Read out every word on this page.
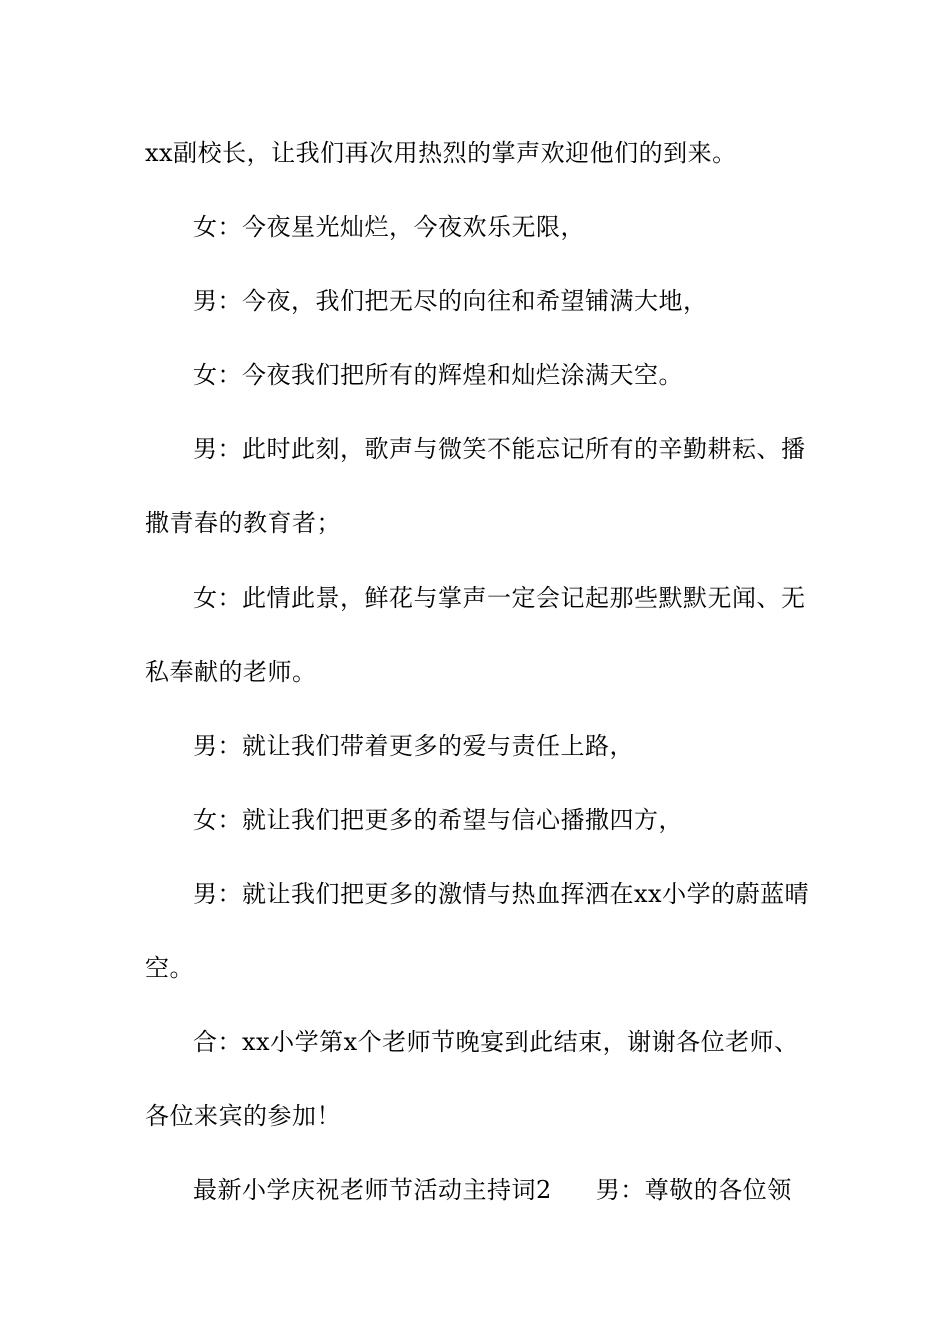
xx副校长，让我们再次用热烈的掌声欢迎他们的到来。
女：今夜星光灿烂，今夜欢乐无限，
男：今夜，我们把无尽的向往和希望铺满大地，
女：今夜我们把所有的辉煌和灿烂涂满天空。
男：此时此刻，歌声与微笑不能忘记所有的辛勤耕耘、播
撒青春的教育者；
女：此情此景，鲜花与掌声一定会记起那些默默无闻、无
私奉献的老师。
男：就让我们带着更多的爱与责任上路，
女：就让我们把更多的希望与信心播撒四方，
男：就让我们把更多的激情与热血挥洒在xx小学的蔚蓝晴
空。
合：xx小学第x个老师节晚宴到此结束，谢谢各位老师、
各位来宾的参加！
最新小学庆祝老师节活动主持词2 男：尊敬的各位领
